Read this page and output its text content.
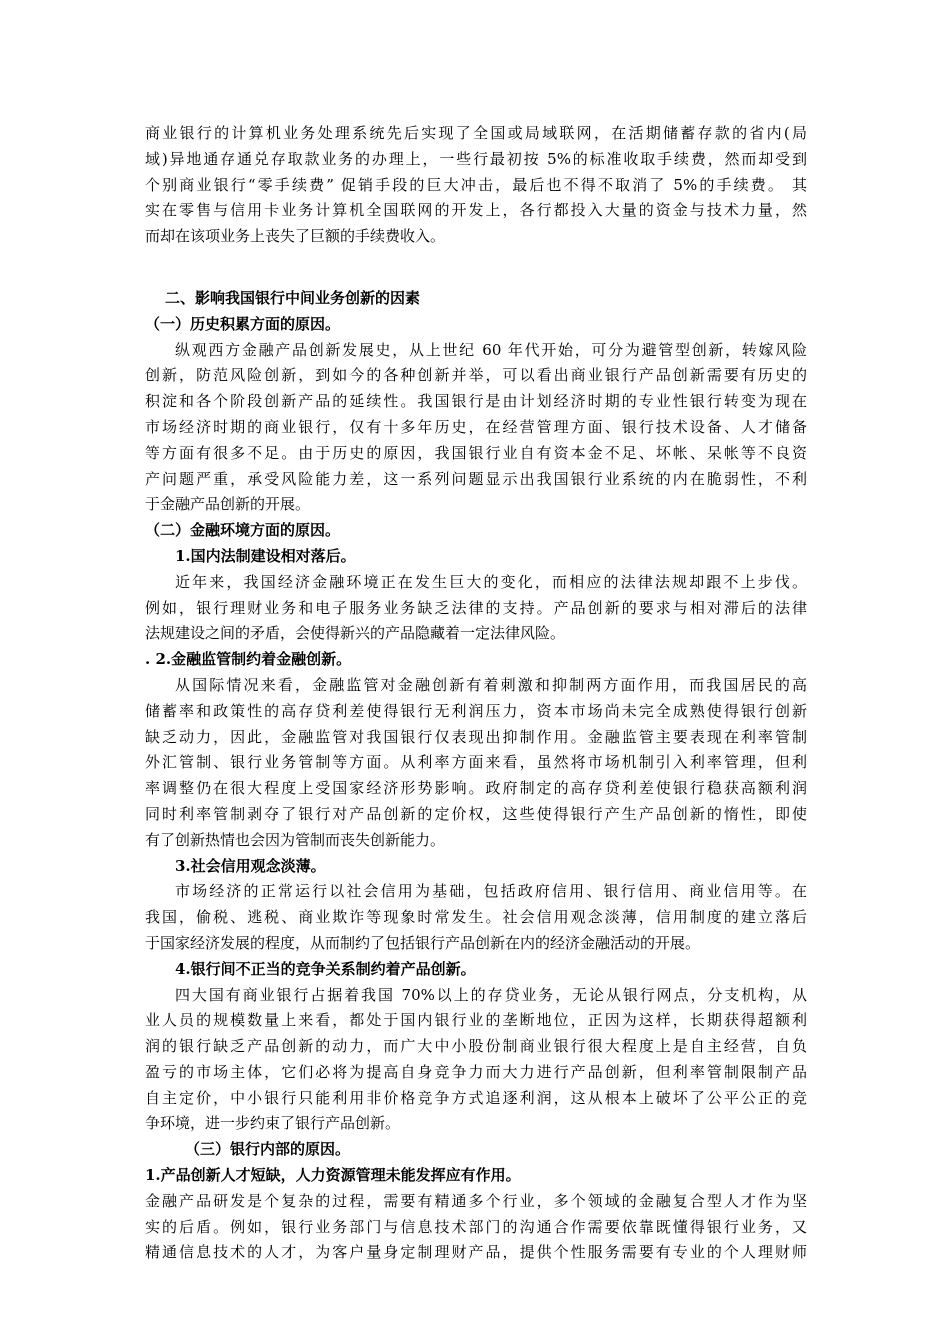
商业银行的计算机业务处理系统先后实现了全国或局域联网，在活期储蓄存款的省内(局
域)异地通存通兑存取款业务的办理上，一些行最初按 5%的标准收取手续费，然而却受到
个别商业银行“零手续费” 促销手段的巨大冲击，最后也不得不取消了 5%的手续费。 其
实在零售与信用卡业务计算机全国联网的开发上，各行都投入大量的资金与技术力量，然
而却在该项业务上丧失了巨额的手续费收入。
二、影响我国银行中间业务创新的因素
（一）历史积累方面的原因。
纵观西方金融产品创新发展史，从上世纪 60 年代开始，可分为避管型创新，转嫁风险
创新，防范风险创新，到如今的各种创新并举，可以看出商业银行产品创新需要有历史的
积淀和各个阶段创新产品的延续性。我国银行是由计划经济时期的专业性银行转变为现在
市场经济时期的商业银行，仅有十多年历史，在经营管理方面、银行技术设备、人才储备
等方面有很多不足。由于历史的原因，我国银行业自有资本金不足、坏帐、呆帐等不良资
产问题严重，承受风险能力差，这一系列问题显示出我国银行业系统的内在脆弱性，不利
于金融产品创新的开展。
（二）金融环境方面的原因。
1.国内法制建设相对落后。
近年来，我国经济金融环境正在发生巨大的变化，而相应的法律法规却跟不上步伐。
例如，银行理财业务和电子服务业务缺乏法律的支持。产品创新的要求与相对滞后的法律
法规建设之间的矛盾，会使得新兴的产品隐藏着一定法律风险。
. 2.金融监管制约着金融创新。
从国际情况来看，金融监管对金融创新有着刺激和抑制两方面作用，而我国居民的高
储蓄率和政策性的高存贷利差使得银行无利润压力，资本市场尚未完全成熟使得银行创新
缺乏动力，因此，金融监管对我国银行仅表现出抑制作用。金融监管主要表现在利率管制
外汇管制、银行业务管制等方面。从利率方面来看，虽然将市场机制引入利率管理，但利
率调整仍在很大程度上受国家经济形势影响。政府制定的高存贷利差使银行稳获高额利润
同时利率管制剥夺了银行对产品创新的定价权，这些使得银行产生产品创新的惰性，即使
有了创新热情也会因为管制而丧失创新能力。
3.社会信用观念淡薄。
市场经济的正常运行以社会信用为基础，包括政府信用、银行信用、商业信用等。在
我国，偷税、逃税、商业欺诈等现象时常发生。社会信用观念淡薄，信用制度的建立落后
于国家经济发展的程度，从而制约了包括银行产品创新在内的经济金融活动的开展。
4.银行间不正当的竞争关系制约着产品创新。
四大国有商业银行占据着我国 70%以上的存贷业务，无论从银行网点，分支机构，从
业人员的规模数量上来看，都处于国内银行业的垄断地位，正因为这样，长期获得超额利
润的银行缺乏产品创新的动力，而广大中小股份制商业银行很大程度上是自主经营，自负
盈亏的市场主体，它们必将为提高自身竞争力而大力进行产品创新，但利率管制限制产品
自主定价，中小银行只能利用非价格竞争方式追逐利润，这从根本上破坏了公平公正的竞
争环境，进一步约束了银行产品创新。
（三）银行内部的原因。
1.产品创新人才短缺，人力资源管理未能发挥应有作用。
金融产品研发是个复杂的过程，需要有精通多个行业，多个领域的金融复合型人才作为坚
实的后盾。例如，银行业务部门与信息技术部门的沟通合作需要依靠既懂得银行业务，又
精通信息技术的人才，为客户量身定制理财产品，提供个性服务需要有专业的个人理财师
